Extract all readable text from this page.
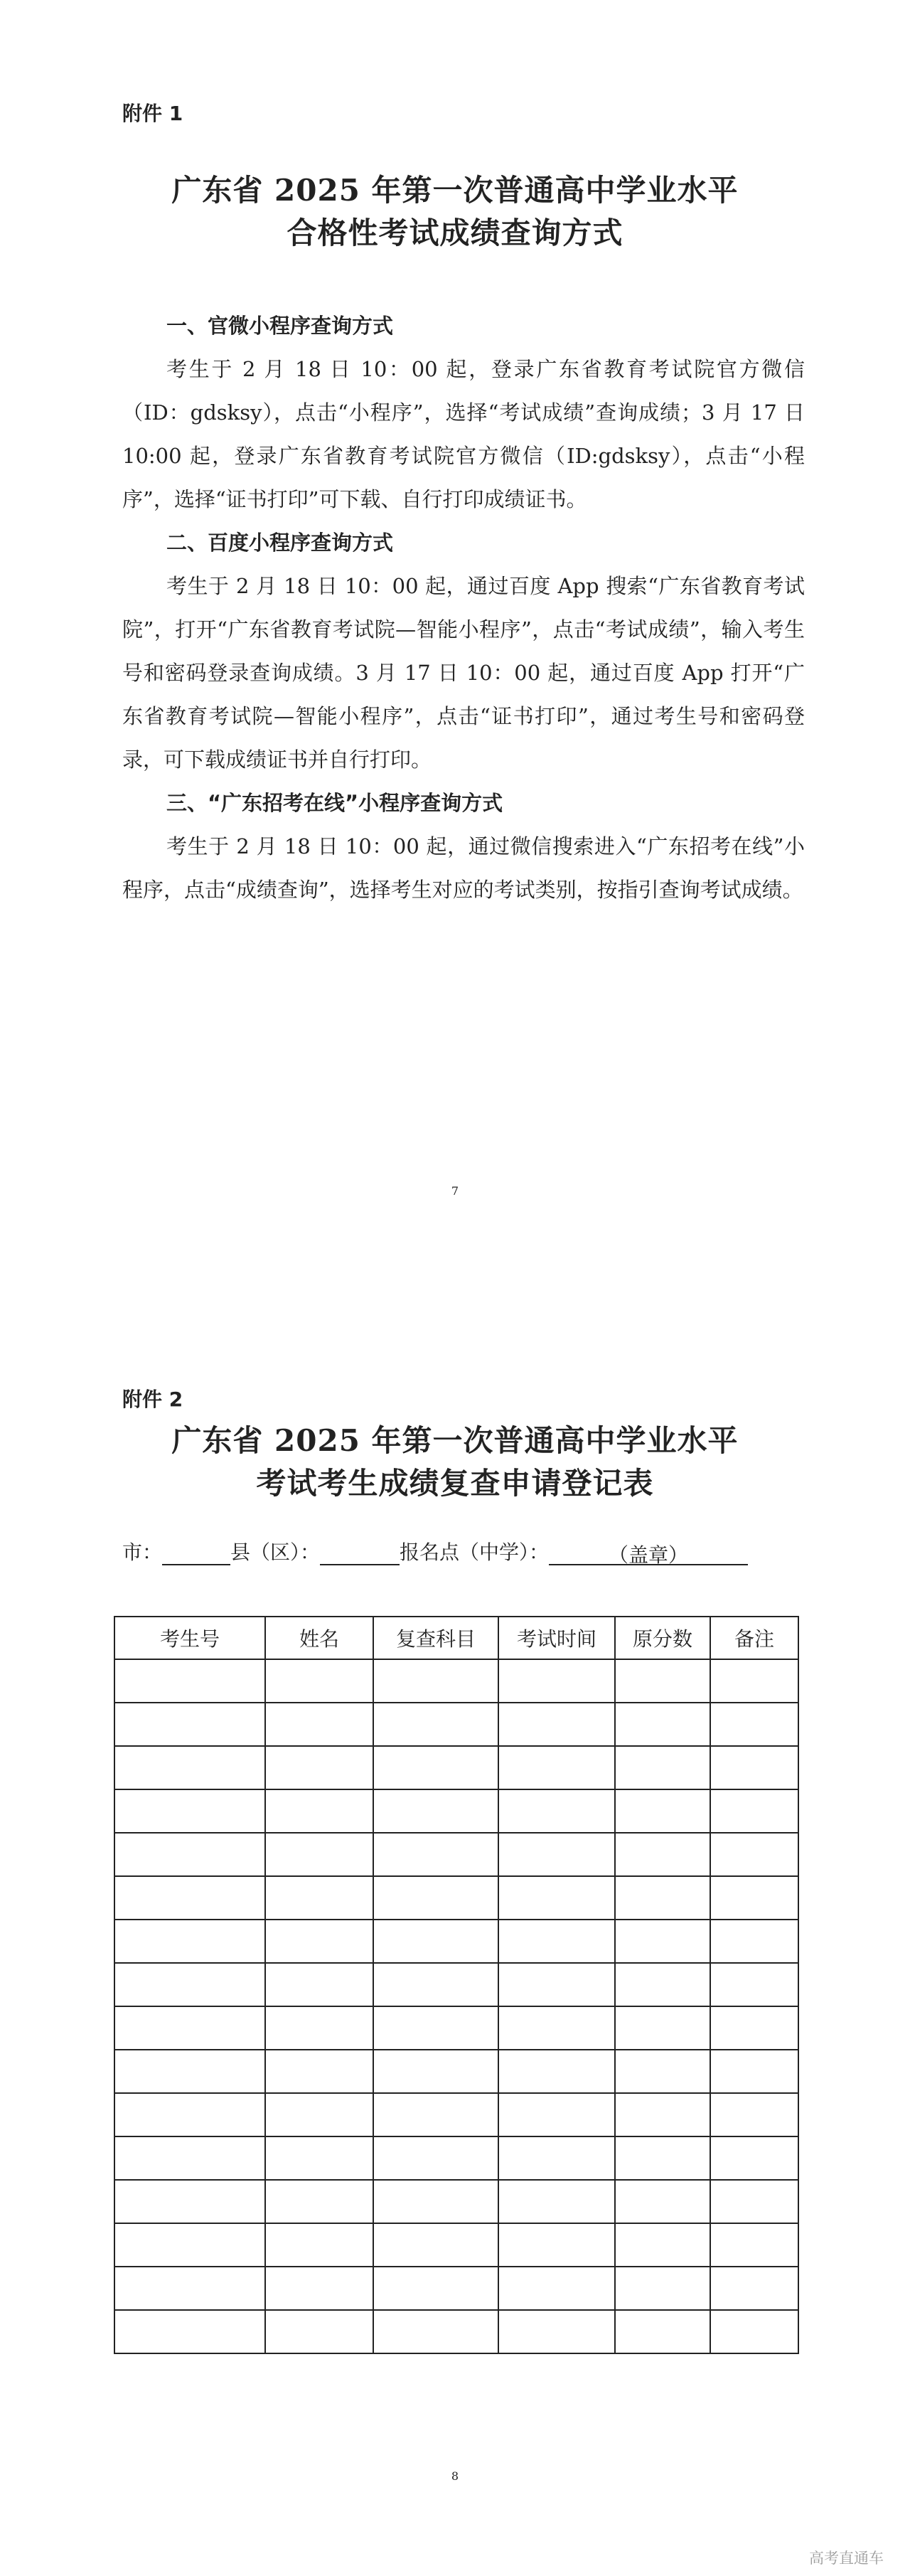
附件 1
广东省 2025 年第一次普通高中学业水平
合格性考试成绩查询方式

一、官微小程序查询方式

考生于 2 月 18 日 10：00 起，登录广东省教育考试院官方微信（ID：gdsksy），点击“小程序”，选择“考试成绩”查询成绩；3 月 17 日 10:00 起，登录广东省教育考试院官方微信（ID:gdsksy），点击“小程序”，选择“证书打印”可下载、自行打印成绩证书。

二、百度小程序查询方式

考生于 2 月 18 日 10：00 起，通过百度 App 搜索“广东省教育考试院”，打开“广东省教育考试院—智能小程序”，点击“考试成绩”，输入考生号和密码登录查询成绩。3 月 17 日 10：00 起，通过百度 App 打开“广东省教育考试院—智能小程序”，点击“证书打印”，通过考生号和密码登录，可下载成绩证书并自行打印。

三、“广东招考在线”小程序查询方式

考生于 2 月 18 日 10：00 起，通过微信搜索进入“广东招考在线”小程序，点击“成绩查询”，选择考生对应的考试类别，按指引查询考试成绩。

7
附件 2
广东省 2025 年第一次普通高中学业水平
考试考生成绩复查申请登记表
市：	县（区）：	报名点（中学）：	（盖章）
考生号	姓名	复查科目	考试时间	原分数	备注

8
高考直通车
